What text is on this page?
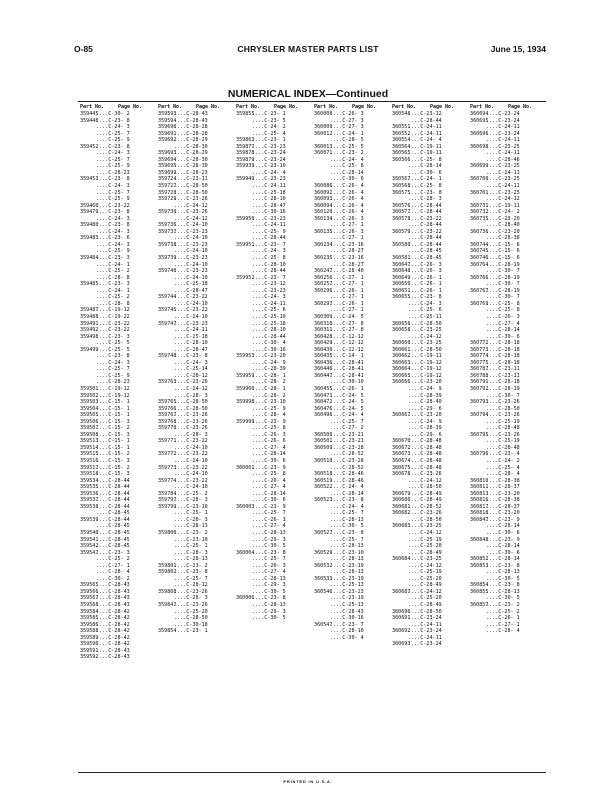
O-85	CHRYSLER MASTER PARTS LIST	June 15, 1934
NUMERICAL INDEX—Continued
Part No.	Page No.
359445
....C-30- 2
359448
....C-23- 8
....C-24- 3
....C-25- 7
....C-25- 9
359452
....C-23- 8
....C-24- 3
....C-25- 7
....C-25- 9
....C-28-23
359453
....C-23- 8
....C-24- 3
....C-25- 7
....C-25- 9
359460
....C-23-22
359479
....C-23- 8
....C-24- 3
359480
....C-23- 8
....C-24- 3
359483
....C-23- 6
....C-24- 3
....C-25- 9
359484
....C-23- 3
....C-24- 1
....C-25- 2
....C-28- 8
359485
....C-23- 3
....C-24- 1
....C-25- 2
....C-28- 8
359487
....C-19-12
359488
....C-19-22
359491
....C-23-22
359492
....C-23-22
359498
....C-23- 3
....C-25- 5
359499
....C-25- 5
....C-23- 8
....C-24- 3
....C-25- 7
....C-25- 9
....C-28-23
359501
....C-19-12
359502
....C-19-12
359503
....C-15- 1
359504
....C-15- 1
359505
....C-15- 1
359506
....C-15- 3
359507
....C-15- 2
359508
....C-15- 3
359513
....C-15- 1
359514
....C-15- 1
359515
....C-15- 2
359516
....C-15- 3
359517
....C-15- 2
359518
....C-15- 3
359534
....C-28-44
359535
....C-28-44
359536
....C-28-44
359537
....C-28-44
359538
....C-28-44
....C-28-45
359539
....C-28-44
....C-28-45
359540
....C-28-45
359541
....C-28-45
359542
....C-28-45
359547
....C-23- 3
....C-25- 2
....C-27- 1
....C-28- 4
....C-30- 2
359565
....C-28-43
359566
....C-28-43
359567
....C-28-43
359568
....C-28-43
359584
....C-28-42
359585
....C-28-42
359586
....C-28-42
359588
....C-28-42
359589
....C-28-42
359590
....C-28-42
359591
....C-28-43
359592
....C-28-43
Part No.	Page No.
359593
....C-28-43
359594
....C-28-43
359690
....C-28-28
359691
....C-28-28
359692
....C-28-29
....C-28-30
359693
....C-28-29
359694
....C-28-30
359695
....C-28-30
359699
....C-28-23
359724
....C-23-11
359727
....C-28-50
359728
....C-28-50
359729
....C-23-26
....C-24-12
359730
....C-23-26
....C-24-12
359736
....C-24-10
359737
....C-23-23
....C-24-10
359738
....C-23-23
....C-24-10
359739
....C-23-23
....C-24-10
359740
....C-23-23
....C-24-10
....C-25-18
....C-28-47
359744
....C-23-22
....C-24-10
359745
....C-23-22
....C-24-10
359747
....C-23-23
....C-24-11
....C-25-18
....C-28-10
....C-28-47
359748
....C-23- 8
....C-24- 3
....C-25-14
....C-28-12
359763
....C-23-26
....C-24-12
....C-28- 3
359765
....C-28-50
359766
....C-28-50
359767
....C-23-26
359768
....C-23-26
359770
....C-23-26
....C-28- 3
359771
....C-23-22
....C-24-10
359772
....C-23-22
....C-24-10
359773
....C-23-22
....C-24-10
359774
....C-23-22
....C-24-10
359784
....C-25- 2
359797
....C-28- 3
359799
....C-23-10
....C-25- 1
....C-28- 3
....C-28-13
359800
....C-23- 2
....C-23-10
....C-25- 1
....C-28- 3
....C-28-13
359801
....C-23- 2
359802
....C-23- 8
....C-25- 7
....C-28-12
359808
....C-23-26
....C-28- 3
359847
....C-23-26
....C-25-20
....C-28-50
....C-30-18
359854
....C-23- 1
Part No.	Page No.
359855
....C-23- 1
....C-23- 5
....C-24- 2
....C-25- 4
359863
....C-23- 1
359877
....C-23-23
359878
....C-23-24
359879
....C-23-24
359939
....C-23-10
....C-24- 4
359949
....C-23-23
....C-24-11
....C-25-18
....C-28-10
....C-28-47
....C-30-16
359950
....C-23-23
....C-24-11
....C-25- 9
....C-28-44
359951
....C-23- 7
....C-24- 3
....C-25- 8
....C-28-10
....C-28-44
359952
....C-23- 7
....C-23-12
....C-23-23
....C-24- 3
....C-24-11
....C-25- 6
....C-25-10
....C-25-18
....C-28-10
....C-28-44
....C-30- 4
....C-30-16
359953
....C-23-20
....C-24- 9
....C-28-39
359959
....C-28- 1
....C-28- 2
359960
....C-28- 1
....C-28- 2
359998
....C-23-10
....C-25- 9
....C-28- 4
359999
....C-23- 9
....C-25- 8
....C-26- 3
....C-26- 6
....C-27- 4
....C-28-14
....C-30- 6
360001
....C-23- 9
....C-25- 8
....C-26- 4
....C-27- 4
....C-28-14
....C-30- 6
360003
....C-23- 9
....C-25- 7
....C-26- 3
....C-27- 4
....C-28-13
....C-29- 3
....C-30- 5
360004
....C-23- 8
....C-25- 7
....C-26- 3
....C-27- 4
....C-28-13
....C-29- 3
....C-30- 5
360006
....C-23- 8
....C-28-13
....C-29- 3
....C-30- 5
Part No.	Page No.
360008
....C-26- 3
....C-27- 3
360009
....C-27- 3
360012
....C-24- 1
....C-28- 5
360013
....C-25- 5
360071
....C-23- 2
....C-24- 4
....C-25- 8
....C-28-14
....C-30- 6
360086
....C-26- 4
360092
....C-26- 4
360093
....C-26- 4
360094
....C-26- 4
360120
....C-26- 4
360134
....C-26- 3
....C-27- 1
360135
....C-26- 3
....C-27- 1
360234
....C-23-16
....C-28-27
360235
....C-23-16
....C-28-27
360247
....C-28-40
360256
....C-27- 1
360257
....C-27- 1
360296
....C-26- 1
....C-27- 1
360297
....C-26- 1
....C-27- 1
360309
....C-24- 5
360310
....C-27- 8
360311
....C-27- 8
360428
....C-12-12
360429
....C-12-12
360430
....C-12-12
360435
....C-14- 1
360436
....C-28-41
360446
....C-28-41
360447
....C-28-41
....C-30-10
360455
....C-26- 1
360471
....C-24- 5
360472
....C-24- 5
360476
....C-24- 5
360496
....C-24- 4
....C-25- 7
....C-27- 2
360500
....C-23-21
360501
....C-23-21
360509
....C-23-28
....C-28-52
360510
....C-23-28
....C-28-52
360518
....C-28-46
360519
....C-28-46
360522
....C-24- 4
....C-28-14
360523
....C-23- 8
....C-24- 4
....C-25- 7
....C-28-13
....C-30- 5
360527
....C-23- 8
....C-25- 7
....C-28-13
360529
....C-23-10
....C-28-13
360532
....C-23-19
....C-28-13
360533
....C-23-19
....C-25-13
360546
....C-23-23
....C-23-19
....C-25-13
....C-28-43
....C-30-16
360547
....C-23- 7
....C-28-10
....C-30- 4
Part No.	Page No.
360548
....C-23-12
....C-28-44
360551
....C-24-11
360552
....C-24-11
360554
....C-24- 4
360564
....C-19-11
360565
....C-19-11
360566
....C-25- 8
....C-28-14
....C-30- 6
360567
....C-24- 1
360568
....C-25- 8
360575
....C-23- 8
....C-28- 3
360576
....C-28-44
360577
....C-28-44
360578
....C-23-22
....C-28-44
360579
....C-23-22
....C-28-44
360580
....C-28-44
....C-28-45
360581
....C-28-45
360647
....C-26- 3
360648
....C-26- 3
360649
....C-26- 1
360650
....C-26- 1
360651
....C-26- 1
360655
....C-23- 8
....C-24- 3
....C-25- 6
....C-25-11
360656
....C-28-50
360658
....C-23-25
....C-24-12
360660
....C-23-25
360661
....C-28-50
360662
....C-19-11
360663
....C-19-12
360664
....C-19-12
360665
....C-19-12
360666
....C-23-20
....C-24- 9
....C-28-39
....C-28-40
....C-29- 6
360667
....C-23-20
....C-24- 9
....C-28-39
....C-29- 6
360670
....C-28-48
360672
....C-28-48
360673
....C-28-48
360674
....C-28-48
360675
....C-28-48
360678
....C-23-26
....C-24-12
....C-28-50
360679
....C-28-49
360680
....C-28-49
360681
....C-28-52
360682
....C-23-26
....C-28-50
360683
....C-23-25
....C-24-12
....C-25-19
....C-25-20
....C-28-49
360684
....C-23-25
....C-24-12
....C-25-19
....C-25-20
....C-28-49
360687
....C-24-12
....C-25-20
....C-28-49
360690
....C-28-50
360691
....C-23-24
....C-24-11
360692
....C-23-24
....C-24-11
360693
....C-23-24
Part No.	Page No.
360694
....C-23-24
360695
....C-23-24
....C-24-11
360696
....C-23-24
....C-24-11
360698
....C-23-25
....C-24-11
....C-28-46
360699
....C-23-25
....C-24-11
360700
....C-23-25
....C-24-11
360701
....C-23-25
....C-24-12
360731
....C-19-11
360732
....C-24- 2
360735
....C-23-20
....C-28-40
360736
....C-23-20
....C-28-38
360744
....C-15- 6
360745
....C-15- 6
360746
....C-15- 6
360764
....C-28-19
....C-30- 7
360766
....C-28-19
....C-30- 7
360767
....C-28-19
....C-30- 7
360769
....C-25- 8
....C-25- 8
....C-26- 3
....C-27- 4
....C-28-14
....C-30- 6
360772
....C-28-18
360773
....C-28-18
360774
....C-28-18
360775
....C-28-18
360787
....C-23-11
360788
....C-23-11
360791
....C-28-18
360792
....C-28-19
....C-30- 7
360793
....C-23-26
....C-28-50
360794
....C-23-26
....C-25-19
....C-28-48
360795
....C-23-26
....C-25-19
....C-28-48
360796
....C-23- 4
....C-24- 2
....C-25- 4
....C-28- 4
360810
....C-28-38
360811
....C-28-37
360813
....C-23-20
360816
....C-28-38
360817
....C-28-37
360818
....C-23-20
360847
....C-23- 9
....C-28-14
....C-30- 6
360848
....C-23- 9
....C-28-14
....C-30- 6
360852
....C-28-14
360853
....C-23- 8
....C-28-13
....C-30- 5
360854
....C-23- 8
360855
....C-28-13
....C-30- 5
360857
....C-23- 2
....C-25- 2
....C-26- 1
....C-27- 1
....C-28- 4
PRINTED IN U.S.A.
